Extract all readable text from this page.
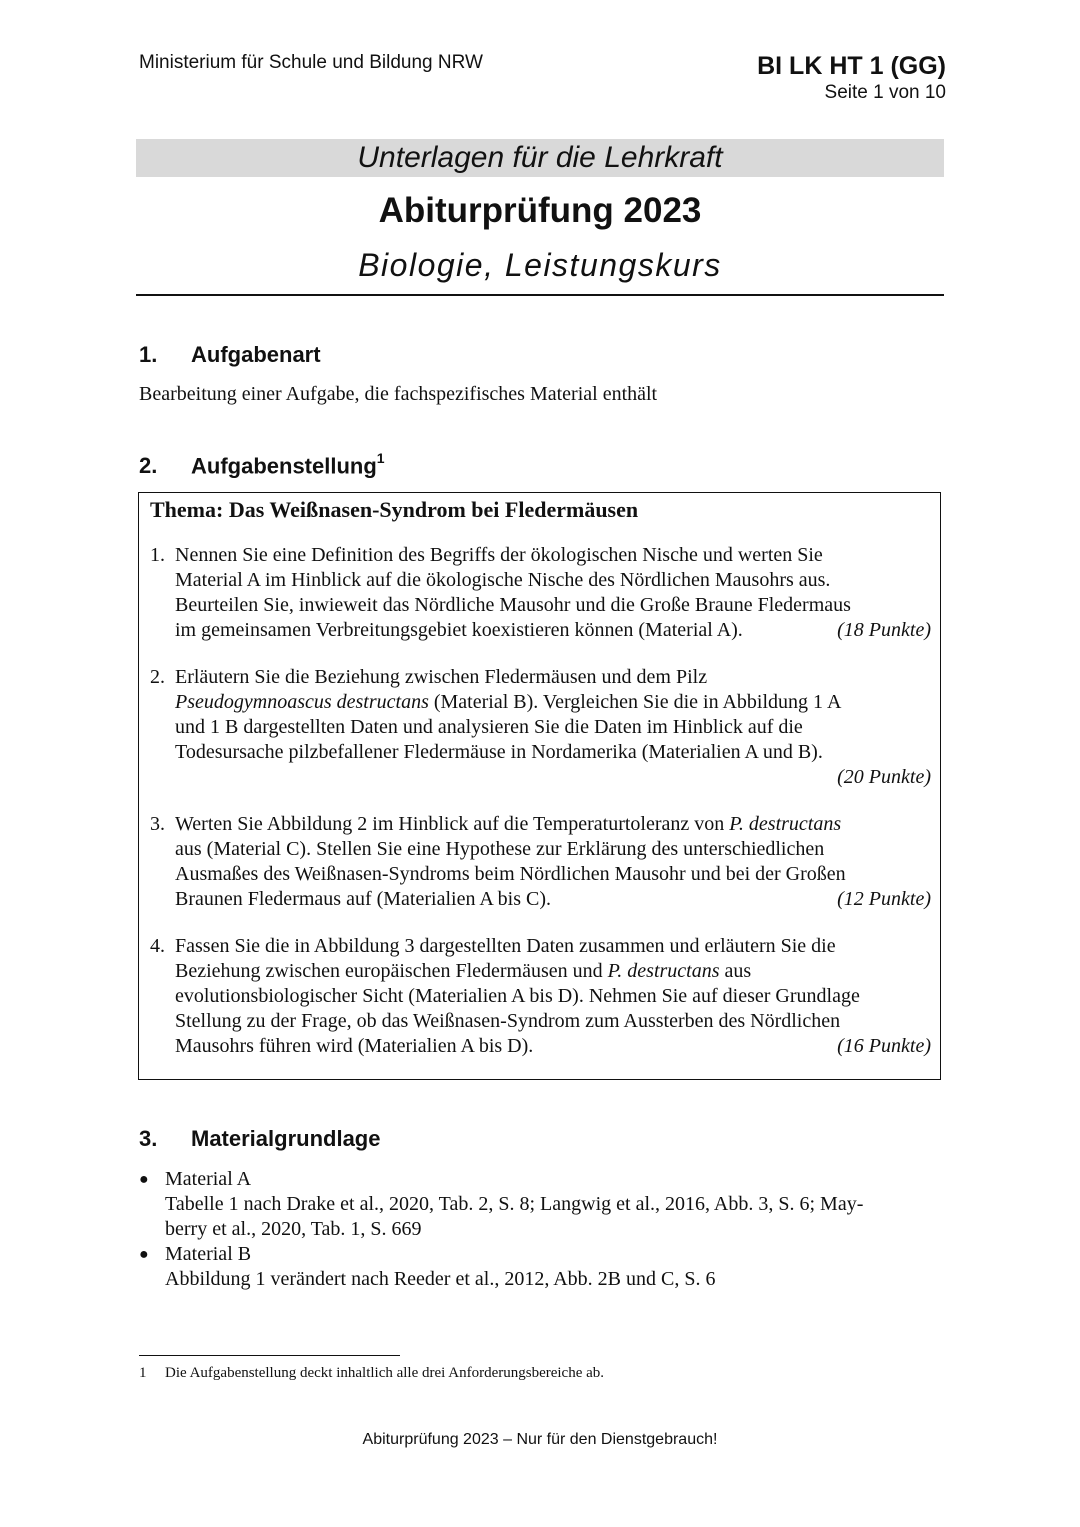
Ministerium für Schule und Bildung NRW	BI LK HT 1 (GG)
Seite 1 von 10
Unterlagen für die Lehrkraft
Abiturprüfung 2023
Biologie, Leistungskurs
1. Aufgabenart
Bearbeitung einer Aufgabe, die fachspezifisches Material enthält
2. Aufgabenstellung$^1$
Thema: Das Weißnasen-Syndrom bei Fledermäusen
1. Nennen Sie eine Definition des Begriffs der ökologischen Nische und werten Sie
Material A im Hinblick auf die ökologische Nische des Nördlichen Mausohrs aus.
Beurteilen Sie, inwieweit das Nördliche Mausohr und die Große Braune Fledermaus
im gemeinsamen Verbreitungsgebiet koexistieren können (Material A).	(18 Punkte)
2. Erläutern Sie die Beziehung zwischen Fledermäusen und dem Pilz
Pseudogymnoascus destructans (Material B). Vergleichen Sie die in Abbildung 1 A
und 1 B dargestellten Daten und analysieren Sie die Daten im Hinblick auf die
Todesursache pilzbefallener Fledermäuse in Nordamerika (Materialien A und B).
(20 Punkte)
3. Werten Sie Abbildung 2 im Hinblick auf die Temperaturtoleranz von P. destructans
aus (Material C). Stellen Sie eine Hypothese zur Erklärung des unterschiedlichen
Ausmaßes des Weißnasen-Syndroms beim Nördlichen Mausohr und bei der Großen
Braunen Fledermaus auf (Materialien A bis C).	(12 Punkte)
4. Fassen Sie die in Abbildung 3 dargestellten Daten zusammen und erläutern Sie die
Beziehung zwischen europäischen Fledermäusen und P. destructans aus
evolutionsbiologischer Sicht (Materialien A bis D). Nehmen Sie auf dieser Grundlage
Stellung zu der Frage, ob das Weißnasen-Syndrom zum Aussterben des Nördlichen
Mausohrs führen wird (Materialien A bis D).	(16 Punkte)
3. Materialgrundlage
● Material A
Tabelle 1 nach Drake et al., 2020, Tab. 2, S. 8; Langwig et al., 2016, Abb. 3, S. 6; May-
berry et al., 2020, Tab. 1, S. 669
● Material B
Abbildung 1 verändert nach Reeder et al., 2012, Abb. 2B und C, S. 6
1 Die Aufgabenstellung deckt inhaltlich alle drei Anforderungsbereiche ab.
Abiturprüfung 2023 – Nur für den Dienstgebrauch!
